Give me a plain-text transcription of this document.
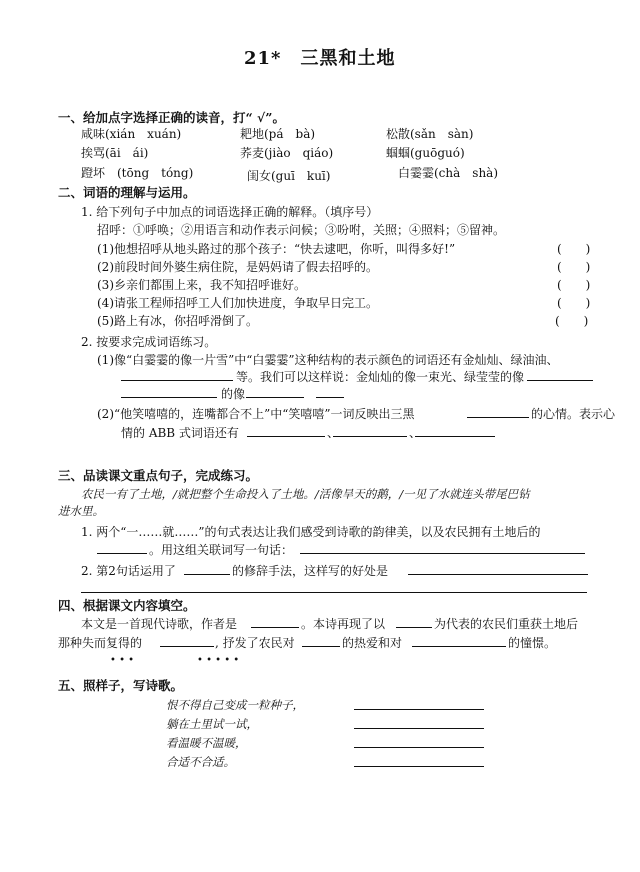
21*　三黑和土地
一、给加点字选择正确的读音，打“ √”。
咸味(xián　xuán)	耙地(pá　bà)	松散(sǎn　sàn)
挨骂(āi　ái)	荞麦(jiào　qiáo)	蝈蝈(guōguó)
蹬坏　(tōng　tóng)	闺女(guī　kuī)	白霎霎(chà　shà)
二、词语的理解与运用。
1. 给下列句子中加点的词语选择正确的解释。（填序号）
招呼：①呼唤；②用语言和动作表示问候；③吩咐，关照；④照料；⑤留神。
(1)他想招呼从地头路过的那个孩子：“快去逮吧，你听，叫得多好!”	(　　)
(2)前段时间外婆生病住院，是妈妈请了假去招呼的。	(　　)
(3)乡亲们都围上来，我不知招呼谁好。	(　　)
(4)请张工程师招呼工人们加快进度，争取早日完工。	(　　)
(5)路上有冰，你招呼滑倒了。	(　　)
2. 按要求完成词语练习。
(1)像“白霎霎的像一片雪”中“白霎霎”这种结构的表示颜色的词语还有金灿灿、绿油油、
等。我们可以这样说：金灿灿的像一束光、绿莹莹的像
的像
(2)“他笑嘻嘻的，连嘴都合不上”中“笑嘻嘻”一词反映出三黑	的心情。表示心
情的 ABB 式词语还有	、	、
三、品读课文重点句子，完成练习。
农民一有了土地，/就把整个生命投入了土地。/活像旱天的鹅，/一见了水就连头带尾巴钻
进水里。
1. 两个“一……就……”的句式表达让我们感受到诗歌的韵律美，以及农民拥有土地后的
。用这组关联词写一句话：
2. 第2句话运用了	的修辞手法，这样写的好处是
四、根据课文内容填空。
本文是一首现代诗歌，作者是	。本诗再现了以	为代表的农民们重获土地后
那种失而复得的	, 抒发了农民对	的热爱和对	的憧憬。
• • •	• • • • •
五、照样子，写诗歌。
恨不得自己变成一粒种子，
躺在土里试一试，
看温暖不温暖，
合适不合适。
